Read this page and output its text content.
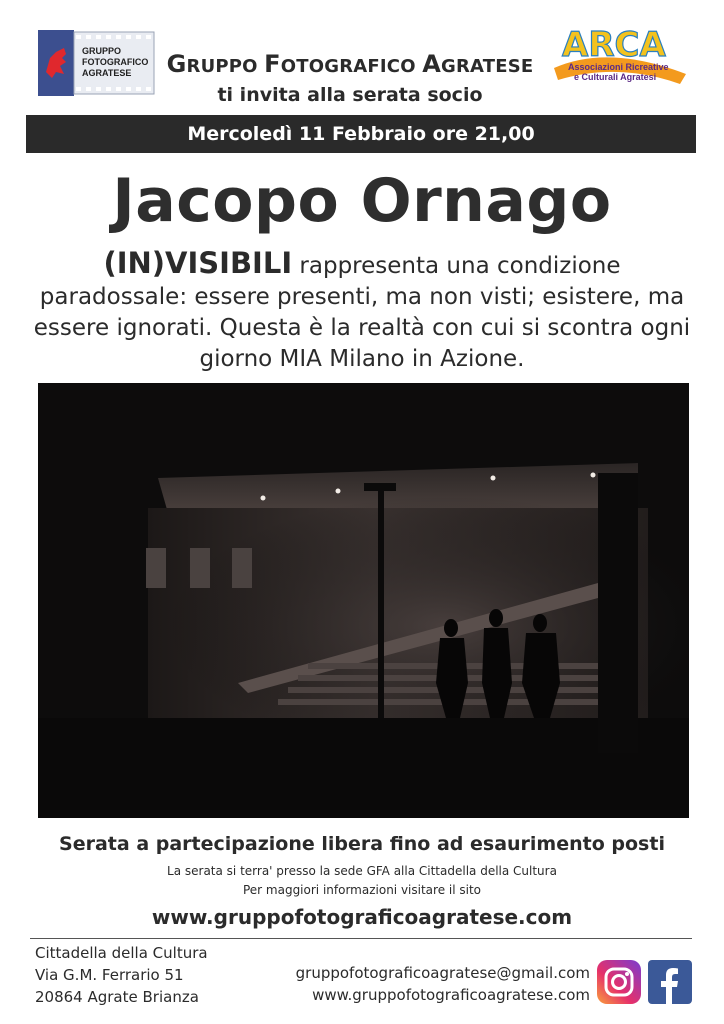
GRUPPO
FOTOGRAFICO
AGRATESE GRUPPO FOTOGRAFICO AGRATESE
ti invita alla serata socio
ARCA
Associazioni Ricreative
e Culturali Agratesi
Mercoledì 11 Febbraio ore 21,00
Jacopo Ornago
(IN)VISIBILI rappresenta una condizione paradossale: essere presenti, ma non visti; esistere, ma essere ignorati. Questa è la realtà con cui si scontra ogni giorno MIA Milano in Azione.
Serata a partecipazione libera fino ad esaurimento posti
La serata si terra' presso la sede GFA alla Cittadella della Cultura
Per maggiori informazioni visitare il sito
www.gruppofotograficoagratese.com
Cittadella della Cultura
Via G.M. Ferrario 51
20864 Agrate Brianza
gruppofotograficoagratese@gmail.com
www.gruppofotograficoagratese.com
